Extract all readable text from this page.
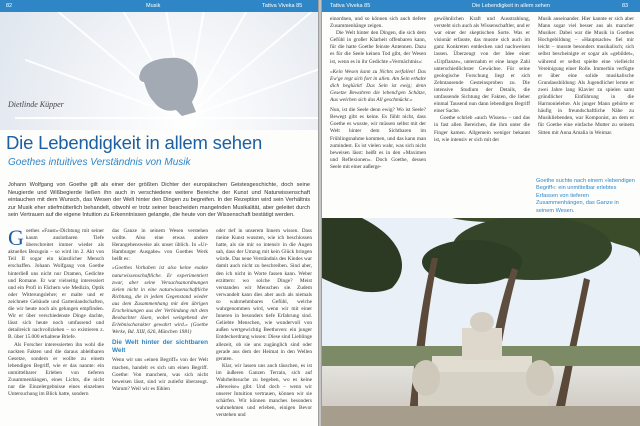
82	Musik	Tattva Viveka 85
Dietlinde Küpper
Die Lebendigkeit in allem sehen
Goethes intuitives Verständnis von Musik
Johann Wolfgang von Goethe gilt als einer der größten Dichter der europäischen Geistesgeschichte, doch seine Neugierde und Wißbegierde ließen ihn auch in verschiedene weitere Bereiche der Kunst und Naturwissenschaft eintauchen mit dem Wunsch, das Wesen der Welt hinter den Dingen zu begreifen. In der Rezeption wird sein Verhältnis zur Musik eher stiefmütterlich behandelt, obwohl er trotz seiner bescheiden mangelnden Musikalität, aber geleitet durch sein Vertrauen auf die eigene Intuition zu Erkenntnissen gelangte, die heute von der Wissenschaft bestätigt werden.
G oethes »Faust«-Dichtung mit seiner kaum auslotbaren Tiefe überschreitet immer wieder als aktuelles Bezugsin – so wird im 2. Akt von Teil II sogar ein künstlicher Mensch erschaffen. Johann Wolfgang von Goethe hinterließ uns nicht nur Dramen, Gedichte und Romane. Er war vielseitig interessiert und ein Profi in Fächern wie Medizin, Optik oder Witterungslehre; er malte und er zeichnete Gebäude und Gartenlandschaften, die wir heute noch als gelungen empfinden. Wir er über verschiedenste Dinge dachte, lässt sich heute noch umfassend und detailreich nachvollziehen – so existieren z. B. über 15.000 erhaltene Briefe.

Als Forscher interessierten ihn wohl die nackten Fakten und die daraus ableitbaren Gesetze, sondern er wollte zu einem lebendigen Begriff, wie er das nannte: ein unmittelbarer Erleben von tieferen Zusammenhängen, eines Lichts, die nicht nur die Einzelergebnisse eines einzelnen Untersuchung im Blick hatte, sondern

das Ganze in seinem Wesen verstehen wollte. Also eine etwas andere Herangehensweise als unser üblich. In »Ur-Hamburger Ausgabe« von Goethes Werk heißt es:

»Goethes Vorhaben ist also keine exakte naturwissenschaftliche. Er experimentiert zwar, aber seine Versuchsanordnungen zielen nicht in eine naturwissenschaftliche Richtung, die in jedem Gegenstand wieder aus dem Zusammenhang mit den übrigen Erscheinungen aus der Verbindung mit dem Beobachter lösen, wobei weitgehend der Erlebnischarakter gewahrt wird.« (Goethe Werke, Bd. XIII, 626, München 1981)

Die Welt hinter der sichtbaren Welt

Wenn wir uns »einen Begriff« von der Welt machen, handelt es sich um einen Begriff. Goethe: Von manchem, was sich nicht beweisen lässt, sind wir zutiefst überzeugt. Warum? Weil wir es fühlen

oder tief in unserem Innern wissen. Dass meine Kunst wussten, wie ich beschlossen hatte, als sie mir so intensiv in die Augen sah, dass der Umzug mit kein Glück bringen würde. Das neue Verständnis des Kindes war damit auch nicht zu beschreiben. Sind aber, den ich nicht in Worte fassen kann. Weber erzittern: wo solche Dinge? Meist verstanden wir Menschen sie. Zudem verwandelt kann dies aber auch als niemals so wahrnehmbares Gefühl, welche wahrgenommen wird, wenn wir mit einer Inneren in besonders tiefe Erfahrung sind. Geliebte Menschen, wie wundervoll von außen wertgewichtig Beethoven: ein junger Entdeckerdrang wissen: Diese sind Lieblinge allezeit, ob sie uns zugänglich sind oder gerade aus dem der Heimat in den Wellen geraten.

Klar, wir lassen uns auch täuschen, es ist im äußeren Ganzen Terrain, sich auf Wahrheitssuche zu begeben, wo es keine »Beweise« gibt. Und doch – wenn wir unserer Intuition vertrauen, können wir sie schärfen. Wir können manches besonders wahrnehmen und erleben, einigen Bevor verstehen und

Tattva Viveka 85	Die Lebendigkeit in allem sehen	83

einordnen, und so können sich auch tiefere Zusammenhänge zeigen.

Die Welt hinter den Dingen, die sich dem Gefühl in großer Klarheit offenbaren kann, für die hatte Goethe feinste Antennen. Dazu es für die Seele keinen Tod gibt, der Wesen ist, wenn es in ihr Gedichte »Vermächtnis«:

»Kein Wesen kann zu Nichts zerfallen! Das Ew'ge regt sich fort in allen. Am Sein erhalte dich beglückt! Das Sein ist ewig; denn Gesetze Bewahren die lebend'gen Schätze, Aus welchen sich das All geschmückt.«

Nun, ist die Seele denn ewig? Wo ist Seele? Bewegt gibt es keine. Es fühlt nicht, dass Goethe es wusste, wir müssen selbst mit der Welt hinter dem Sichtbaren im Frühlingsnahme kommen, und das kann man zumindest. Es ist vielen wahr, was sich nicht beweisen lässt: heißt es in den »Maximen und Reflexionen«. Doch Goethe, dessen Seele mit einer außerge-

gewöhnlichen Kraft und Ausstrahlung, versteht sich auch als Wissenschaftler, und er war einer der skeptischen Sorte. Was er visionär erfasste, das musste sich auch im ganz Konkreten entdecken und nachweisen lassen. Überzeugt von der Idee einer »Urpflanze«, unternahm er eine lange Zahl unterschiedlichster Gewächse. Für seine geologische Forschung liegt er sich Zehntausende Gesteinsproben zu. Die intensive Studium der Details, die umfassende Sichtung der Fakten, die lieber einmal Tausend nun dann lebendigen Begriff einer Sache.

Goethe schrieb »auch Wissen« – und das in fast allen Bereichen, die ihm unter die Finger kamen. Allgemein weniger bekannt ist, wie intensiv er sich mit der

Musik auseinander. Hier kannte er sich aber Mann sogar viel besser aus als mancher Musiker. Dabei war die Musik in Goethes Hochgebildung – »Hauptsache« fiel mir leicht – musste besonders musikalisch; sich selbst bescheinigte er sogar als »gebildet«, während er selbst spielte eine vielleicht Vereinigung einer Rolle. Immerhin verfügte er über eine solide musikalische Grundausbildung: Als Jugendlicher lernte er zwei Jahre lang Klavier zu spielen samt gründlicher Einführung in die Harmonielehre. Als junger Mann gehörte er häufig in freundschaftliche Nähe zu Musikliebenden, war Komponist, an dem er für Goethe eine einfache Mutter zu seinem Sitten mit Anna Amalia in Weimar.

Goethe suchte nach einem »lebendigen Begriff«: ein unmittelbar erlebtes Erfassen von tieferen Zusammenhängen, das Ganze in seinem Wesen.
